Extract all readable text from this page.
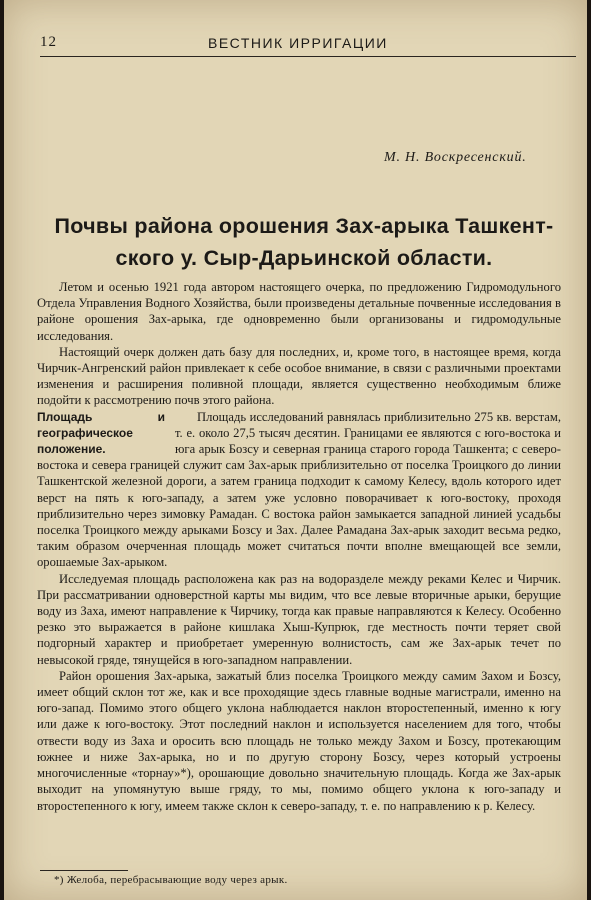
12	ВЕСТНИК ИРРИГАЦИИ
М. Н. Воскресенский.
Почвы района орошения Зах-арыка Ташкент-
ского у. Сыр-Дарьинской области.

Летом и осенью 1921 года автором настоящего очерка, по предложению Гидромодульного Отдела Управления Водного Хозяйства, были произведены детальные почвенные исследования в районе орошения Зах-арыка, где одновременно были организованы и гидромодульные исследования.

Настоящий очерк должен дать базу для последних, и, кроме того, в настоящее время, когда Чирчик-Ангренский район привлекает к себе особое внимание, в связи с различными проектами изменения и расширения поливной площади, является существенно необходимым ближе подойти к рассмотрению почв этого района.

Площадь и географическое положение.
Площадь исследований равнялась приблизительно 275 кв. верстам, т. е. около 27,5 тысяч десятин. Границами ее являются с юго-востока и юга арык Бозсу и северная граница старого города Ташкента; с северо-востока и севера границей служит сам Зах-арык приблизительно от поселка Троицкого до линии Ташкентской железной дороги, а затем граница подходит к самому Келесу, вдоль которого идет верст на пять к юго-западу, а затем уже условно поворачивает к юго-востоку, проходя приблизительно через зимовку Рамадан. С востока район замыкается западной линией усадьбы поселка Троицкого между арыками Бозсу и Зах. Далее Рамадана Зах-арык заходит весьма редко, таким образом очерченная площадь может считаться почти вполне вмещающей все земли, орошаемые Зах-арыком.

Исследуемая площадь расположена как раз на водоразделе между реками Келес и Чирчик. При рассматривании одноверстной карты мы видим, что все левые вторичные арыки, берущие воду из Заха, имеют направление к Чирчику, тогда как правые направляются к Келесу. Особенно резко это выражается в районе кишлака Хыш-Купрюк, где местность почти теряет свой подгорный характер и приобретает умеренную волнистость, сам же Зах-арык течет по невысокой гряде, тянущейся в юго-западном направлении.

Район орошения Зах-арыка, зажатый близ поселка Троицкого между самим Захом и Бозсу, имеет общий склон тот же, как и все проходящие здесь главные водные магистрали, именно на юго-запад. Помимо этого общего уклона наблюдается наклон второстепенный, именно к югу или даже к юго-востоку. Этот последний наклон и используется населением для того, чтобы отвести воду из Заха и оросить всю площадь не только между Захом и Бозсу, протекающим южнее и ниже Зах-арыка, но и по другую сторону Бозсу, через который устроены многочисленные «торнау»*), орошающие довольно значительную площадь. Когда же Зах-арык выходит на упомянутую выше гряду, то мы, помимо общего уклона к юго-западу и второстепенного к югу, имеем также склон к северо-западу, т. е. по направлению к р. Келесу.

*) Желоба, перебрасывающие воду через арык.
